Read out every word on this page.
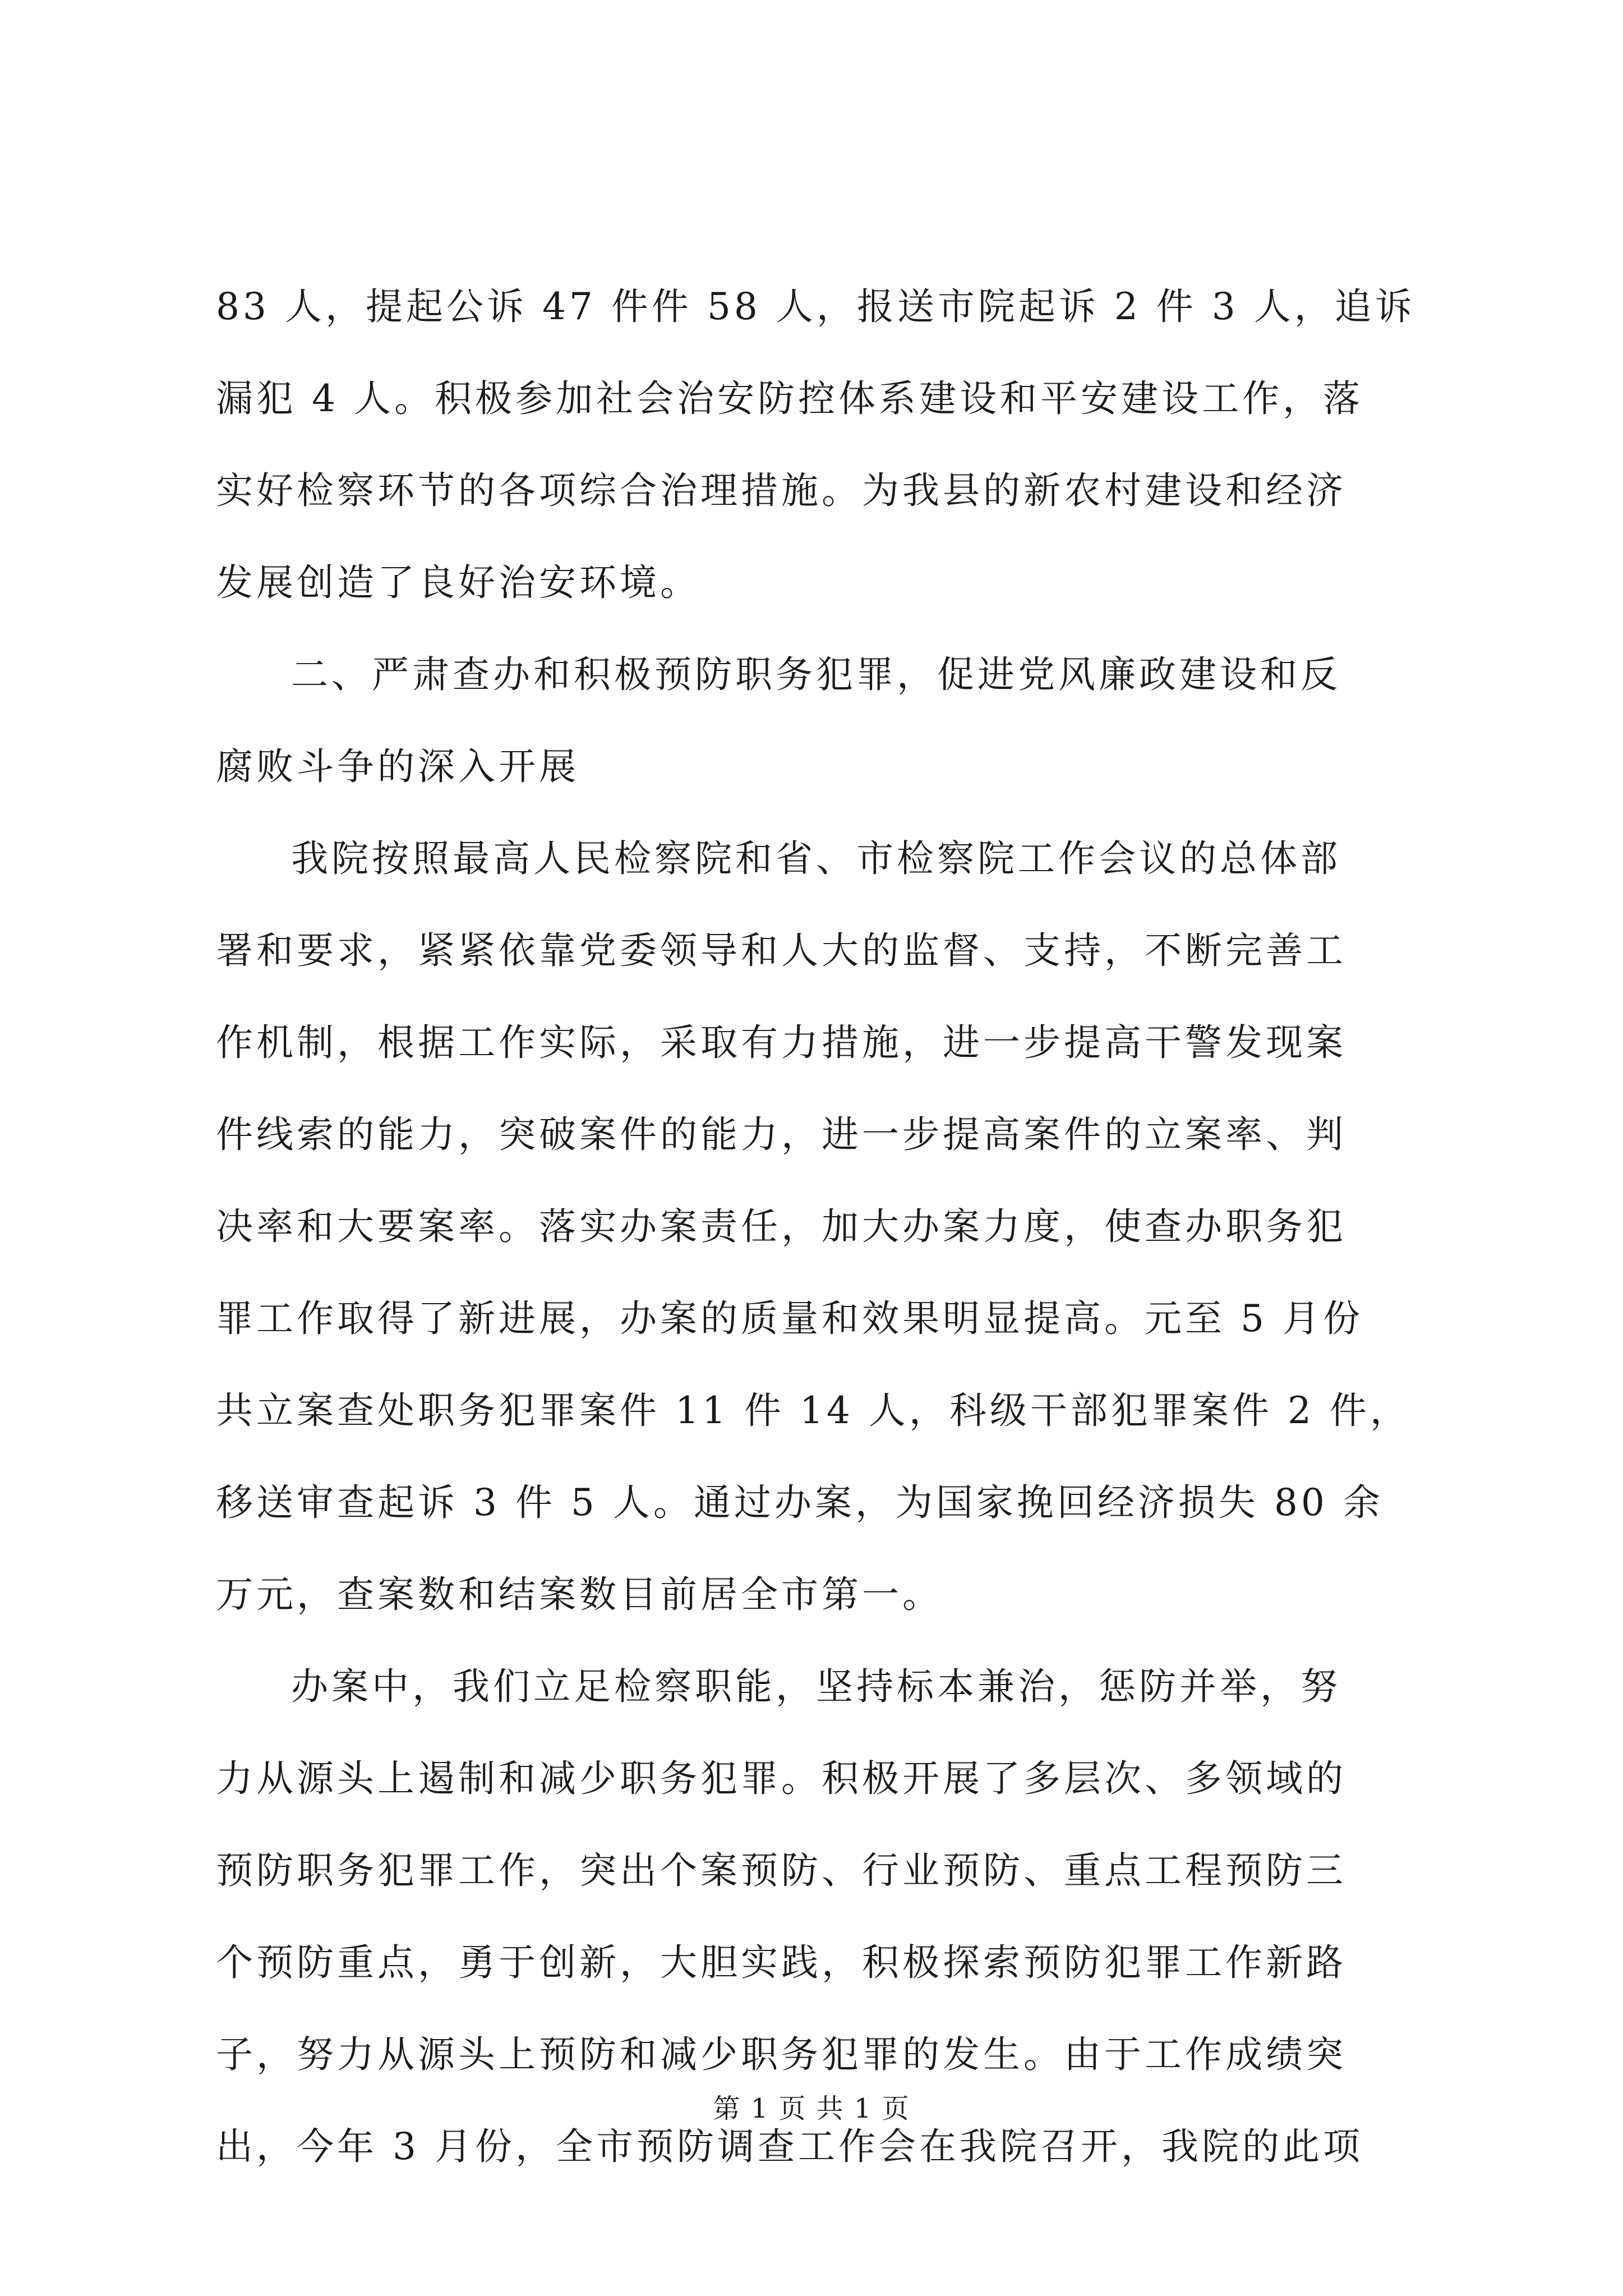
83 人，提起公诉 47 件件 58 人，报送市院起诉 2 件 3 人，追诉
漏犯 4 人。积极参加社会治安防控体系建设和平安建设工作，落
实好检察环节的各项综合治理措施。为我县的新农村建设和经济
发展创造了良好治安环境。
二、严肃查办和积极预防职务犯罪，促进党风廉政建设和反
腐败斗争的深入开展
我院按照最高人民检察院和省、市检察院工作会议的总体部
署和要求，紧紧依靠党委领导和人大的监督、支持，不断完善工
作机制，根据工作实际，采取有力措施，进一步提高干警发现案
件线索的能力，突破案件的能力，进一步提高案件的立案率、判
决率和大要案率。落实办案责任，加大办案力度，使查办职务犯
罪工作取得了新进展，办案的质量和效果明显提高。元至 5 月份
共立案查处职务犯罪案件 11 件 14 人，科级干部犯罪案件 2 件，
移送审查起诉 3 件 5 人。通过办案，为国家挽回经济损失 80 余
万元，查案数和结案数目前居全市第一。
办案中，我们立足检察职能，坚持标本兼治，惩防并举，努
力从源头上遏制和减少职务犯罪。积极开展了多层次、多领域的
预防职务犯罪工作，突出个案预防、行业预防、重点工程预防三
个预防重点，勇于创新，大胆实践，积极探索预防犯罪工作新路
子，努力从源头上预防和减少职务犯罪的发生。由于工作成绩突
出，今年 3 月份，全市预防调查工作会在我院召开，我院的此项
第 1 页 共 1 页
